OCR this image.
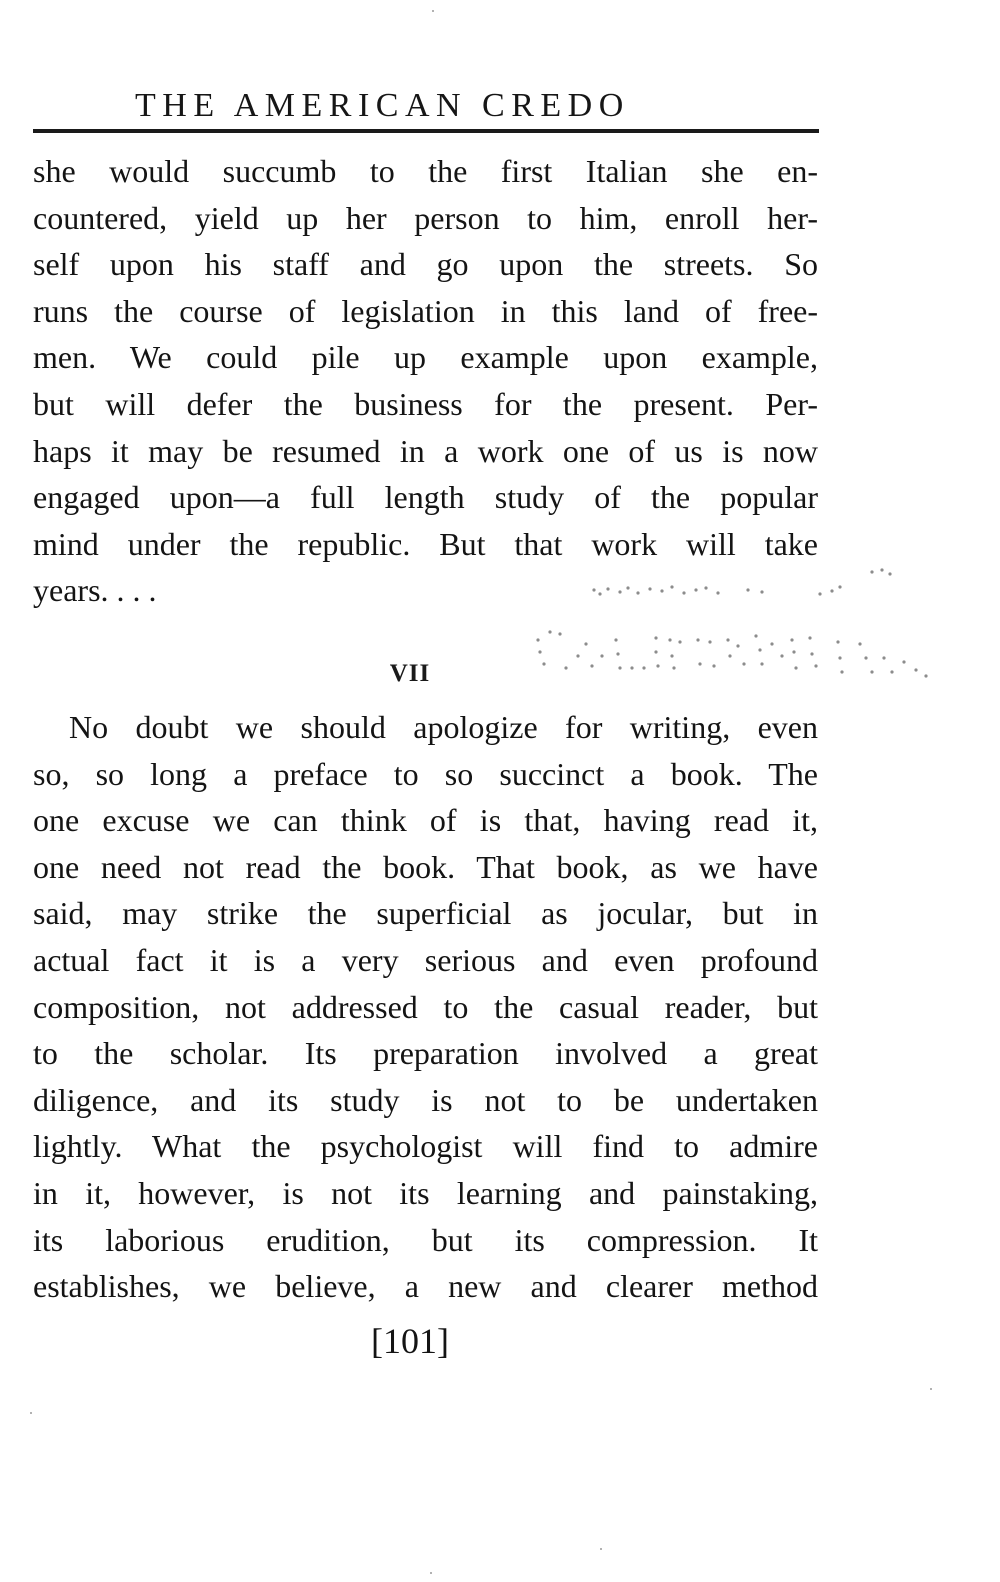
THE AMERICAN CREDO
she would succumb to the first Italian she en-
countered, yield up her person to him, enroll her-
self upon his staff and go upon the streets. So
runs the course of legislation in this land of free-
men. We could pile up example upon example,
but will defer the business for the present. Per-
haps it may be resumed in a work one of us is now
engaged upon—a full length study of the popular
mind under the republic. But that work will take
years. . . .
VII
No doubt we should apologize for writing, even
so, so long a preface to so succinct a book. The
one excuse we can think of is that, having read it,
one need not read the book. That book, as we have
said, may strike the superficial as jocular, but in
actual fact it is a very serious and even profound
composition, not addressed to the casual reader, but
to the scholar. Its preparation involved a great
diligence, and its study is not to be undertaken
lightly. What the psychologist will find to admire
in it, however, is not its learning and painstaking,
its laborious erudition, but its compression. It
establishes, we believe, a new and clearer method
[101]
